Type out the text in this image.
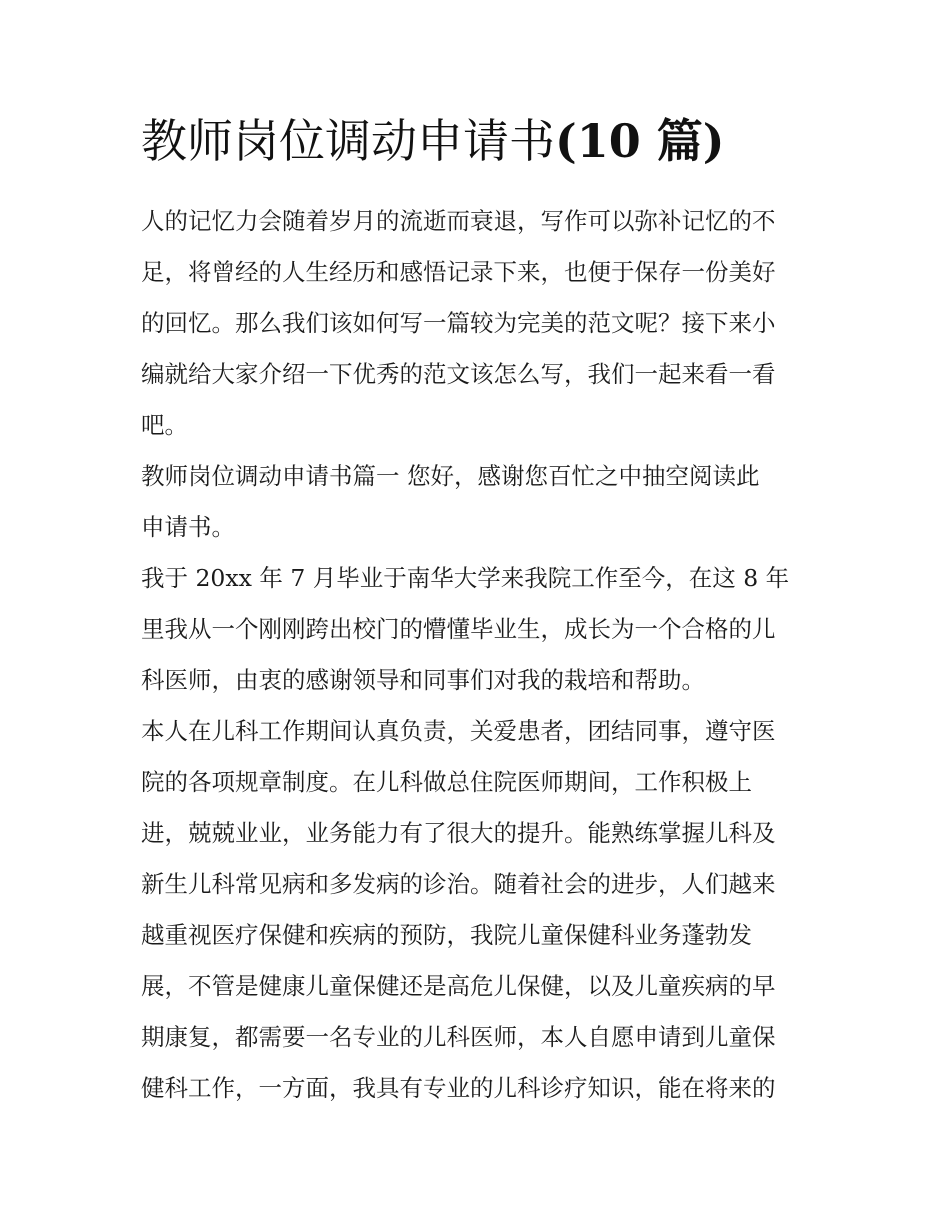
教师岗位调动申请书(10 篇)

人的记忆力会随着岁月的流逝而衰退，写作可以弥补记忆的不

足，将曾经的人生经历和感悟记录下来，也便于保存一份美好

的回忆。那么我们该如何写一篇较为完美的范文呢？接下来小

编就给大家介绍一下优秀的范文该怎么写，我们一起来看一看

吧。

教师岗位调动申请书篇一 您好，感谢您百忙之中抽空阅读此

申请书。

我于 20xx 年 7 月毕业于南华大学来我院工作至今，在这 8 年

里我从一个刚刚跨出校门的懵懂毕业生，成长为一个合格的儿

科医师，由衷的感谢领导和同事们对我的栽培和帮助。

本人在儿科工作期间认真负责，关爱患者，团结同事，遵守医

院的各项规章制度。在儿科做总住院医师期间，工作积极上

进，兢兢业业，业务能力有了很大的提升。能熟练掌握儿科及

新生儿科常见病和多发病的诊治。随着社会的进步，人们越来

越重视医疗保健和疾病的预防，我院儿童保健科业务蓬勃发

展，不管是健康儿童保健还是高危儿保健，以及儿童疾病的早

期康复，都需要一名专业的儿科医师，本人自愿申请到儿童保

健科工作，一方面，我具有专业的儿科诊疗知识，能在将来的
